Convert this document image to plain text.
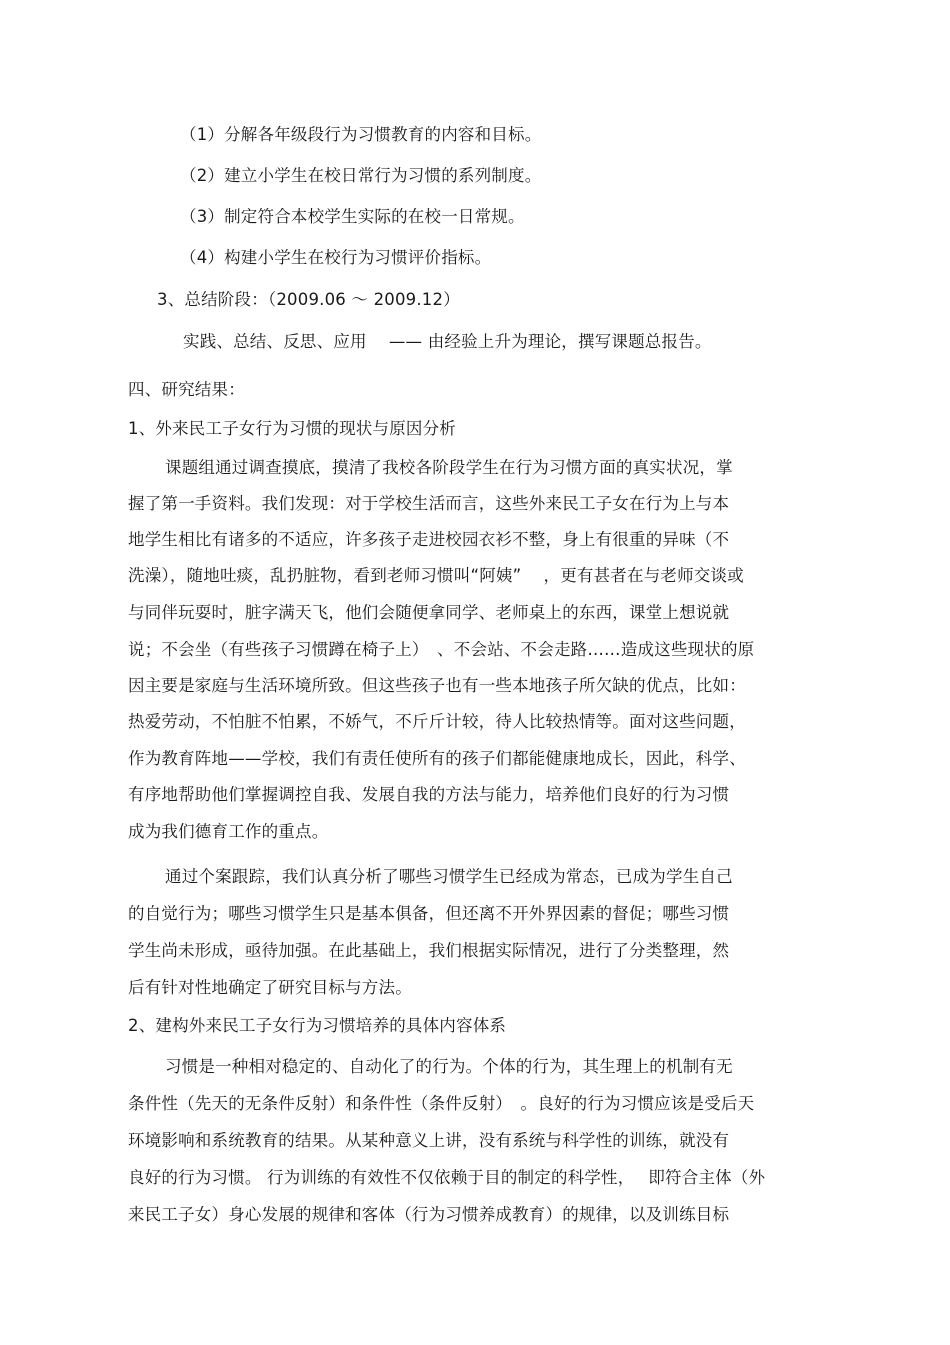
（1）分解各年级段行为习惯教育的内容和目标。
（2）建立小学生在校日常行为习惯的系列制度。
（3）制定符合本校学生实际的在校一日常规。
（4）构建小学生在校行为习惯评价指标。
3、总结阶段：（2009.06 ～ 2009.12）
实践、总结、反思、应用　 —— 由经验上升为理论，撰写课题总报告。
四、研究结果：
1、外来民工子女行为习惯的现状与原因分析
课题组通过调查摸底，摸清了我校各阶段学生在行为习惯方面的真实状况，掌
握了第一手资料。我们发现：对于学校生活而言，这些外来民工子女在行为上与本
地学生相比有诸多的不适应，许多孩子走进校园衣衫不整，身上有很重的异味（不
洗澡），随地吐痰，乱扔脏物，看到老师习惯叫“阿姨”　 ，更有甚者在与老师交谈或
与同伴玩耍时，脏字满天飞，他们会随便拿同学、老师桌上的东西，课堂上想说就
说；不会坐（有些孩子习惯蹲在椅子上）　、不会站、不会走路……造成这些现状的原
因主要是家庭与生活环境所致。但这些孩子也有一些本地孩子所欠缺的优点，比如：
热爱劳动，不怕脏不怕累，不娇气，不斤斤计较，待人比较热情等。面对这些问题，
作为教育阵地——学校，我们有责任使所有的孩子们都能健康地成长，因此，科学、
有序地帮助他们掌握调控自我、发展自我的方法与能力，培养他们良好的行为习惯
成为我们德育工作的重点。
通过个案跟踪，我们认真分析了哪些习惯学生已经成为常态，已成为学生自己
的自觉行为；哪些习惯学生只是基本俱备，但还离不开外界因素的督促；哪些习惯
学生尚未形成，亟待加强。在此基础上，我们根据实际情况，进行了分类整理，然
后有针对性地确定了研究目标与方法。
2、建构外来民工子女行为习惯培养的具体内容体系
习惯是一种相对稳定的、自动化了的行为。个体的行为，其生理上的机制有无
条件性（先天的无条件反射）和条件性（条件反射）　。良好的行为习惯应该是受后天
环境影响和系统教育的结果。从某种意义上讲，没有系统与科学性的训练，就没有
良好的行为习惯。 行为训练的有效性不仅依赖于目的制定的科学性，　 即符合主体（外
来民工子女）身心发展的规律和客体（行为习惯养成教育）的规律，以及训练目标
